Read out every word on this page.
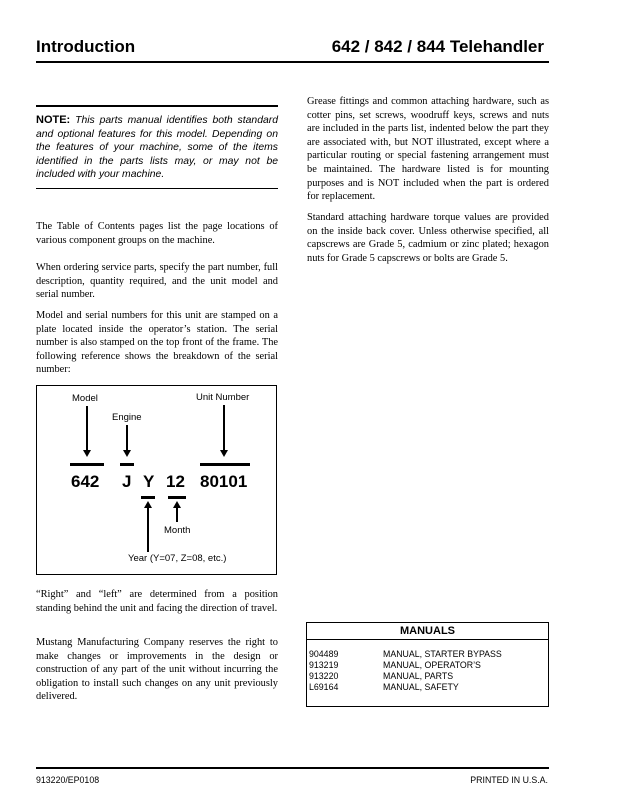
Introduction	642 / 842 / 844 Telehandler
NOTE: This parts manual identifies both standard and optional features for this model. Depending on the features of your machine, some of the items identified in the parts lists may, or may not be included with your machine.
The Table of Contents pages list the page locations of various component groups on the machine.
When ordering service parts, specify the part number, full description, quantity required, and the unit model and serial number.
Model and serial numbers for this unit are stamped on a plate located inside the operator’s station. The serial number is also stamped on the top front of the frame. The following reference shows the breakdown of the serial number:
Model
Engine
Unit Number
642 J Y 12 80101
Month
Year (Y=07, Z=08, etc.)
“Right” and “left” are determined from a position standing behind the unit and facing the direction of travel.
Mustang Manufacturing Company reserves the right to make changes or improvements in the design or construction of any part of the unit without incurring the obligation to install such changes on any unit previously delivered.
Grease fittings and common attaching hardware, such as cotter pins, set screws, woodruff keys, screws and nuts are included in the parts list, indented below the part they are associated with, but NOT illustrated, except where a particular routing or special fastening arrangement must be maintained. The hardware listed is for mounting purposes and is NOT included when the part is ordered for replacement.
Standard attaching hardware torque values are provided on the inside back cover. Unless otherwise specified, all capscrews are Grade 5, cadmium or zinc plated; hexagon nuts for Grade 5 capscrews or bolts are Grade 5.
MANUALS
904489	MANUAL, STARTER BYPASS
913219	MANUAL, OPERATOR’S
913220	MANUAL, PARTS
L69164	MANUAL, SAFETY
913220/EP0108	PRINTED IN U.S.A.
